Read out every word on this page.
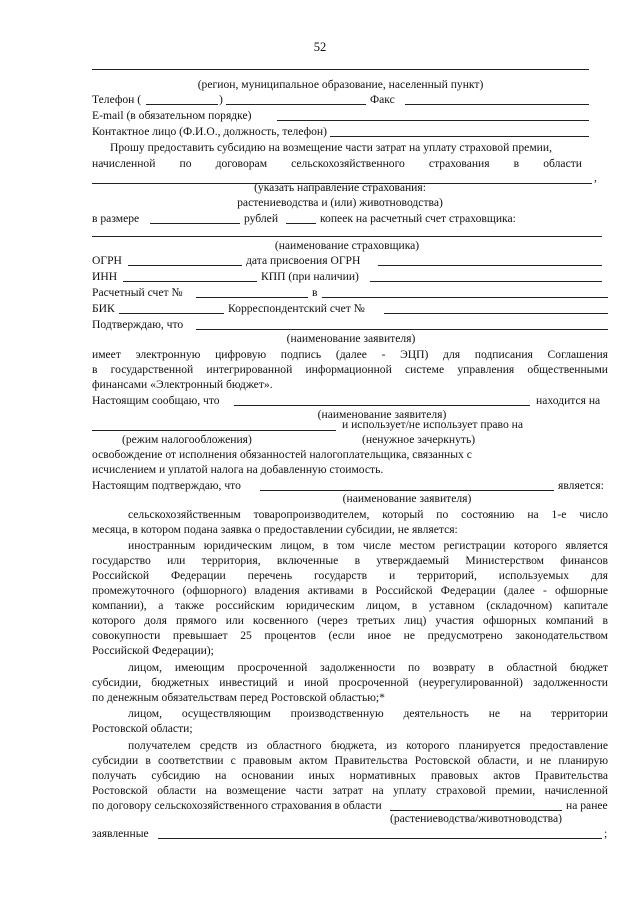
52
(регион, муниципальное образование, населенный пункт)
Телефон (	)	Факс
E-mail (в обязательном порядке)
Контактное лицо (Ф.И.О., должность, телефон)
Прошу предоставить субсидию на возмещение части затрат на уплату страховой премии,
начисленной по договорам сельскохозяйственного страхования в области
,
(указать направление страхования:
растениеводства и (или) животноводства)
в размере	рублей	копеек на расчетный счет страховщика:
(наименование страховщика)
ОГРН	дата присвоения ОГРН
ИНН	КПП (при наличии)
Расчетный счет №	в
БИК	Корреспондентский счет №
Подтверждаю, что
(наименование заявителя)
имеет электронную цифровую подпись (далее - ЭЦП) для подписания Соглашения
в государственной интегрированной информационной системе управления общественными
финансами «Электронный бюджет».
Настоящим сообщаю, что	находится на
(наименование заявителя)
и использует/не использует право на
(режим налогообложения)	(ненужное зачеркнуть)
освобождение от исполнения обязанностей налогоплательщика, связанных с
исчислением и уплатой налога на добавленную стоимость.
Настоящим подтверждаю, что	является:
(наименование заявителя)
сельскохозяйственным товаропроизводителем, который по состоянию на 1-е число
месяца, в котором подана заявка о предоставлении субсидии, не является:
иностранным юридическим лицом, в том числе местом регистрации которого является
государство или территория, включенные в утверждаемый Министерством финансов
Российской Федерации перечень государств и территорий, используемых для
промежуточного (офшорного) владения активами в Российской Федерации (далее - офшорные
компании), а также российским юридическим лицом, в уставном (складочном) капитале
которого доля прямого или косвенного (через третьих лиц) участия офшорных компаний в
совокупности превышает 25 процентов (если иное не предусмотрено законодательством
Российской Федерации);
лицом, имеющим просроченной задолженности по возврату в областной бюджет
субсидии, бюджетных инвестиций и иной просроченной (неурегулированной) задолженности
по денежным обязательствам перед Ростовской областью;*
лицом, осуществляющим производственную деятельность не на территории
Ростовской области;
получателем средств из областного бюджета, из которого планируется предоставление
субсидии в соответствии с правовым актом Правительства Ростовской области, и не планирую
получать субсидию на основании иных нормативных правовых актов Правительства
Ростовской области на возмещение части затрат на уплату страховой премии, начисленной
по договору сельскохозяйственного страхования в области	на ранее
(растениеводства/животноводства)
заявленные	;
